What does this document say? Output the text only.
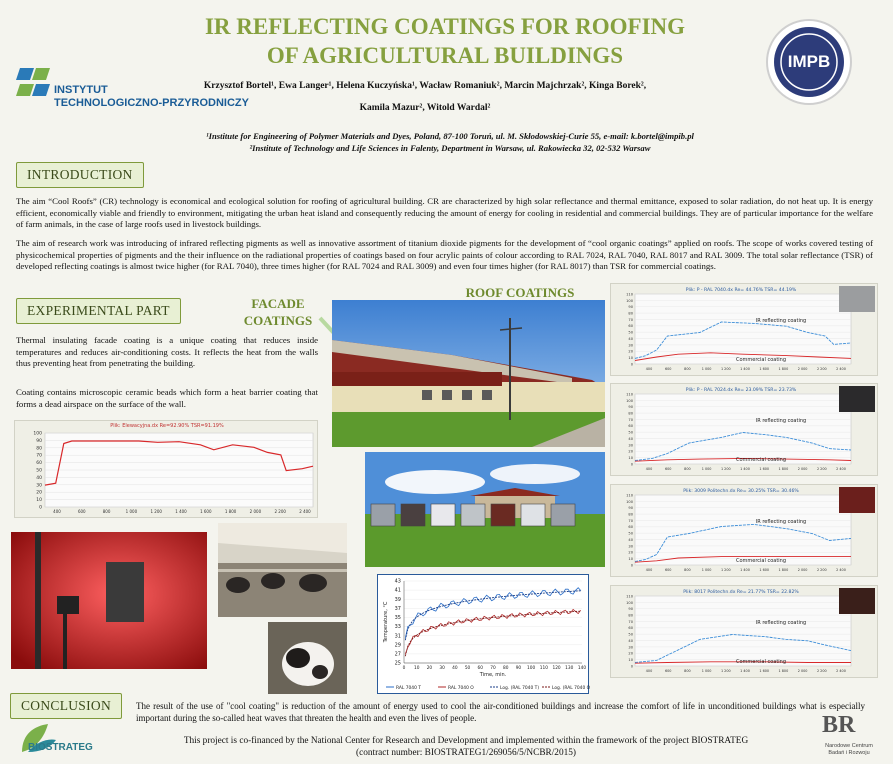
INSTYTUT
TECHNOLOGICZNO-PRZYRODNICZY
IR REFLECTING COATINGS FOR ROOFING
OF AGRICULTURAL BUILDINGS	IMPB
Krzysztof Bortel¹, Ewa Langer¹, Helena Kuczyńska¹, Wacław Romaniuk², Marcin Majchrzak², Kinga Borek²,
Kamila Mazur², Witold Wardal²
¹Institute for Engineering of Polymer Materials and Dyes, Poland, 87-100 Toruń, ul. M. Skłodowskiej-Curie 55, e-mail: k.bortel@impib.pl
²Institute of Technology and Life Sciences in Falenty, Department in Warsaw, ul. Rakowiecka 32, 02-532 Warsaw
INTRODUCTION
The aim “Cool Roofs” (CR) technology is economical and ecological solution for roofing of agricultural building. CR are characterized by high solar reflectance and thermal emittance, exposed to solar radiation, do not heat up. It is energy efficient, economically viable and friendly to environment, mitigating the urban heat island and consequently reducing the amount of energy for cooling in residential and commercial buildings. They are of particular importance for the welfare of farm animals, in the case of large roofs used in livestock buildings.
The aim of research work was introducing of infrared reflecting pigments as well as innovative assortment of titanium dioxide pigments for the development of “cool organic coatings” applied on roofs. The scope of works covered testing of physicochemical properties of pigments and the their influence on the radiational properties of coatings based on four acrylic paints of colour according to RAL 7024, RAL 7040, RAL 8017 and RAL 3009. The total solar reflectance (TSR) of developed reflecting coatings is almost twice higher (for RAL 7040), three times higher (for RAL 7024 and RAL 3009) and even four times higher (for RAL 8017) than TSR for commercial coatings.
EXPERIMENTAL PART
Thermal insulating facade coating is a unique coating that reduces inside temperatures and reduces air-conditioning costs. It reflects the heat from the walls thus preventing heat from penetrating the building.
Coating contains microscopic ceramic beads which form a heat barrier coating that forms a dead airspace on the surface of the wall.
FACADE
COATINGS
ROOF COATINGS
Plik: Elewacyjna.dx Re=92.90% TSR=91.19%
100
90
80
70
60
50
40
30
20
10
0
400	600	800	1 000	1 200	1 400	1 600	1 800	2 000	2 200	2 400
43
41
39
37
35
33
31
29
27
25
0 10 20 30 40 50 60 70 80 90 100 110 120 130 140
Temperature, °C
Time, min.
RAL 7040 T	RAL 7040 O	Log. (RAL 7040 T)	Log. (RAL 7040 O)
Plik: P - RAL 7040.dx Re= 44.76% TSR= 44.19%
110
100
90
80
70
60
50
40
30
20
10
0
400	600	800	1 000	1 200	1 400	1 600	1 800	2 000	2 200	2 400
IR reflecting coating
Commercial coating
Plik: P - RAL 7024.dx Re= 23.09% TSR= 23.73%
110
100
90
80
70
60
50
40
30
20
10
0
400	600	800	1 000	1 200	1 400	1 600	1 800	2 000	2 200	2 400
IR reflecting coating
Commercial coating
Plik: 3009 Politechn.dx Re= 30.25% TSR= 30.46%
110
100
90
80
70
60
50
40
30
20
10
0
400	600	800	1 000	1 200	1 400	1 600	1 800	2 000	2 200	2 400
IR reflecting coating
Commercial coating
Plik: 8017 Politechn.dx Re= 21.77% TSR= 22.82%
110
100
90
80
70
60
50
40
30
20
10
0
400	600	800	1 000	1 200	1 400	1 600	1 800	2 000	2 200	2 400
IR reflecting coating
Commercial coating
CONCLUSION	The result of the use of "cool coating" is reduction of the amount of energy used to cool the air-conditioned buildings and increase the comfort of life in unconditioned buildings what is especially important during the so-called heat waves that threaten the health and even the lives of people.
This project is co-financed by the National Center for Research and Development and implemented within the framework of the project BIOSTRATEG
(contract number: BIOSTRATEG1/269056/5/NCBR/2015)
BIOSTRATEG
BR
Narodowe Centrum
Badań i Rozwoju
